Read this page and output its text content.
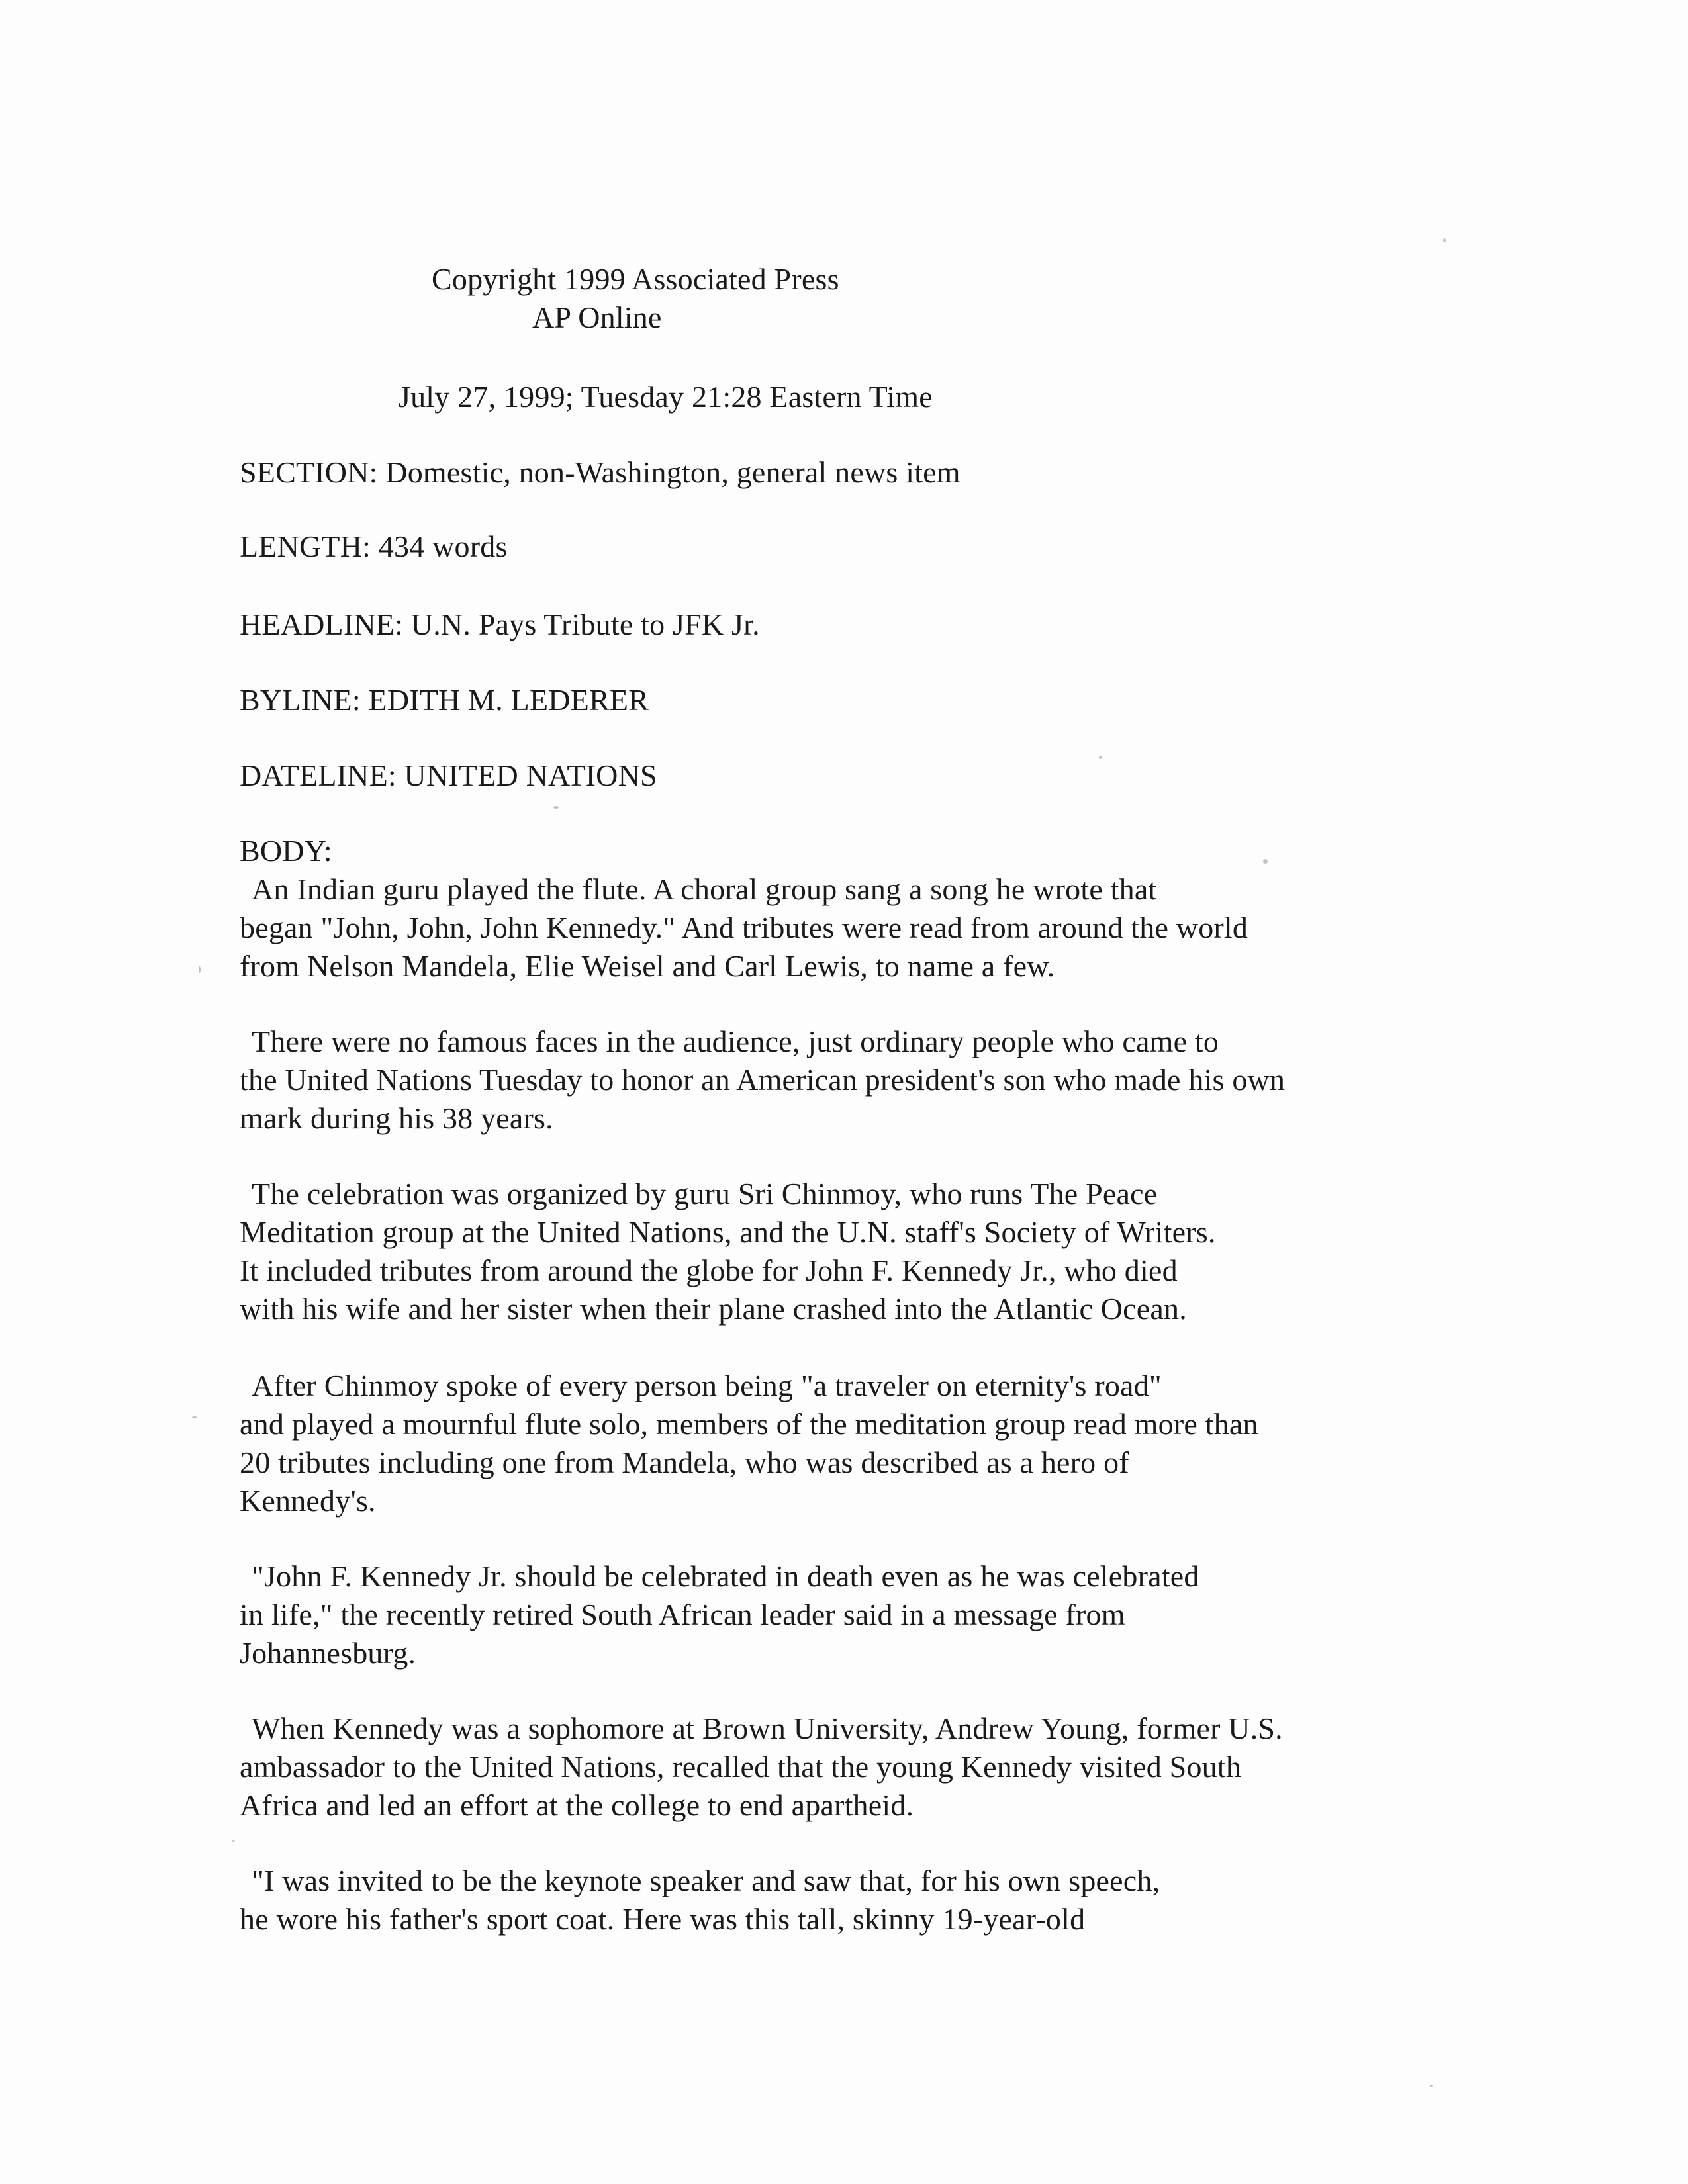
Copyright 1999 Associated Press
AP Online
July 27, 1999; Tuesday 21:28 Eastern Time
SECTION: Domestic, non-Washington, general news item
LENGTH: 434 words
HEADLINE: U.N. Pays Tribute to JFK Jr.
BYLINE: EDITH M. LEDERER
DATELINE: UNITED NATIONS
BODY:
An Indian guru played the flute. A choral group sang a song he wrote that
began "John, John, John Kennedy." And tributes were read from around the world
from Nelson Mandela, Elie Weisel and Carl Lewis, to name a few.
There were no famous faces in the audience, just ordinary people who came to
the United Nations Tuesday to honor an American president's son who made his own
mark during his 38 years.
The celebration was organized by guru Sri Chinmoy, who runs The Peace
Meditation group at the United Nations, and the U.N. staff's Society of Writers.
It included tributes from around the globe for John F. Kennedy Jr., who died
with his wife and her sister when their plane crashed into the Atlantic Ocean.
After Chinmoy spoke of every person being "a traveler on eternity's road"
and played a mournful flute solo, members of the meditation group read more than
20 tributes including one from Mandela, who was described as a hero of
Kennedy's.
"John F. Kennedy Jr. should be celebrated in death even as he was celebrated
in life," the recently retired South African leader said in a message from
Johannesburg.
When Kennedy was a sophomore at Brown University, Andrew Young, former U.S.
ambassador to the United Nations, recalled that the young Kennedy visited South
Africa and led an effort at the college to end apartheid.
"I was invited to be the keynote speaker and saw that, for his own speech,
he wore his father's sport coat. Here was this tall, skinny 19-year-old
